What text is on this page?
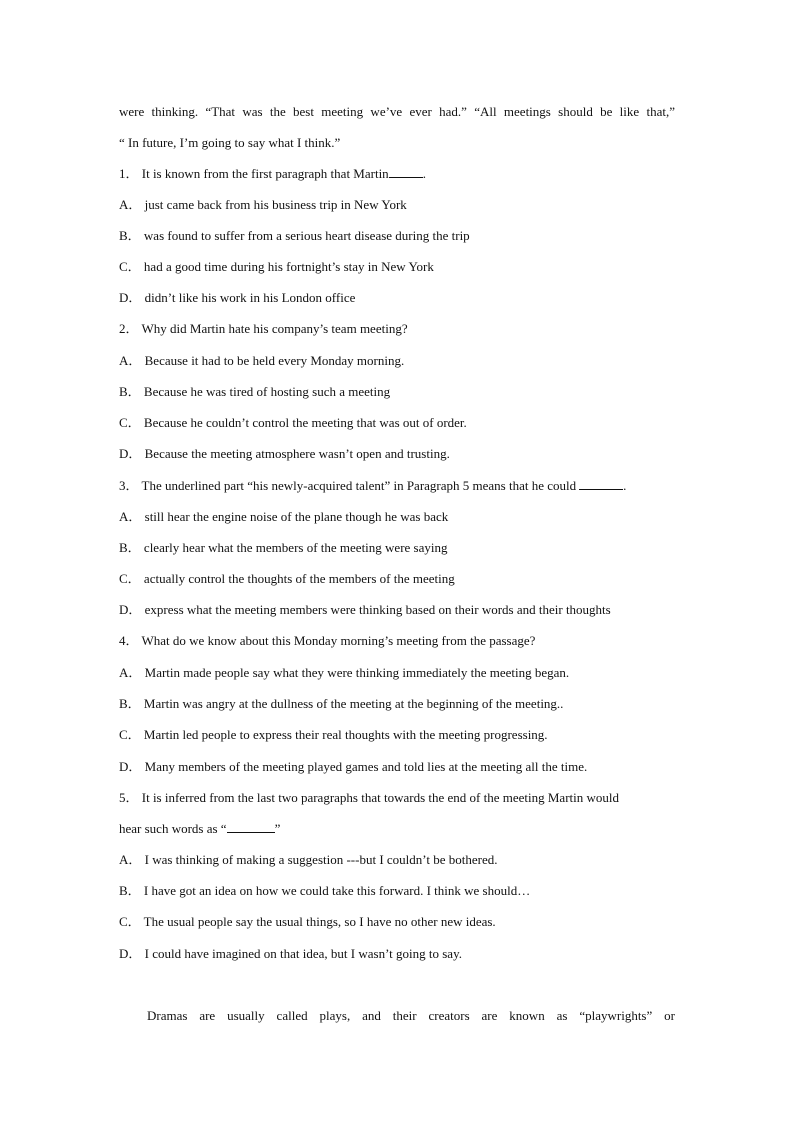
were thinking. “That was the best meeting we’ve ever had.” “All meetings should be like that,”
“ In future, I’m going to say what I think.”
1． It is known from the first paragraph that Martin	.
A． just came back from his business trip in New York
B． was found to suffer from a serious heart disease during the trip
C． had a good time during his fortnight’s stay in New York
D． didn’t like his work in his London office
2． Why did Martin hate his company’s team meeting?
A． Because it had to be held every Monday morning.
B． Because he was tired of hosting such a meeting
C． Because he couldn’t control the meeting that was out of order.
D． Because the meeting atmosphere wasn’t open and trusting.
3． The underlined part “his newly-acquired talent” in Paragraph 5 means that he could	.
A． still hear the engine noise of the plane though he was back
B． clearly hear what the members of the meeting were saying
C． actually control the thoughts of the members of the meeting
D． express what the meeting members were thinking based on their words and their thoughts
4． What do we know about this Monday morning’s meeting from the passage?
A． Martin made people say what they were thinking immediately the meeting began.
B． Martin was angry at the dullness of the meeting at the beginning of the meeting..
C． Martin led people to express their real thoughts with the meeting progressing.
D． Many members of the meeting played games and told lies at the meeting all the time.
5． It is inferred from the last two paragraphs that towards the end of the meeting Martin would
hear such words as “	”
A． I was thinking of making a suggestion ---but I couldn’t be bothered.
B． I have got an idea on how we could take this forward. I think we should…
C． The usual people say the usual things, so I have no other new ideas.
D． I could have imagined on that idea, but I wasn’t going to say.
Dramas are usually called plays, and their creators are known as “playwrights” or
